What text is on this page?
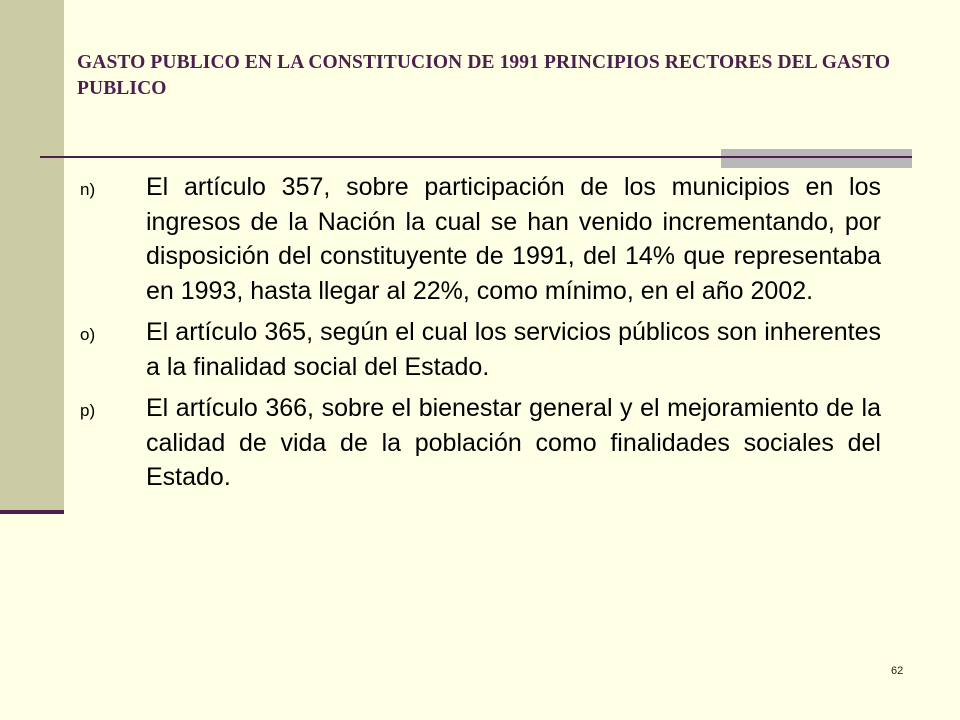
GASTO PUBLICO EN LA CONSTITUCION DE 1991 PRINCIPIOS RECTORES DEL GASTO PUBLICO
n)	El artículo 357, sobre participación de los municipios en los ingresos de la Nación la cual se han venido incrementando, por disposición del constituyente de 1991, del 14% que representaba en 1993, hasta llegar al 22%, como mínimo, en el año 2002.
o)	El artículo 365, según el cual los servicios públicos son inherentes a la finalidad social del Estado.
p)	El artículo 366, sobre el bienestar general y el mejoramiento de la calidad de vida de la población como finalidades sociales del Estado.
62
